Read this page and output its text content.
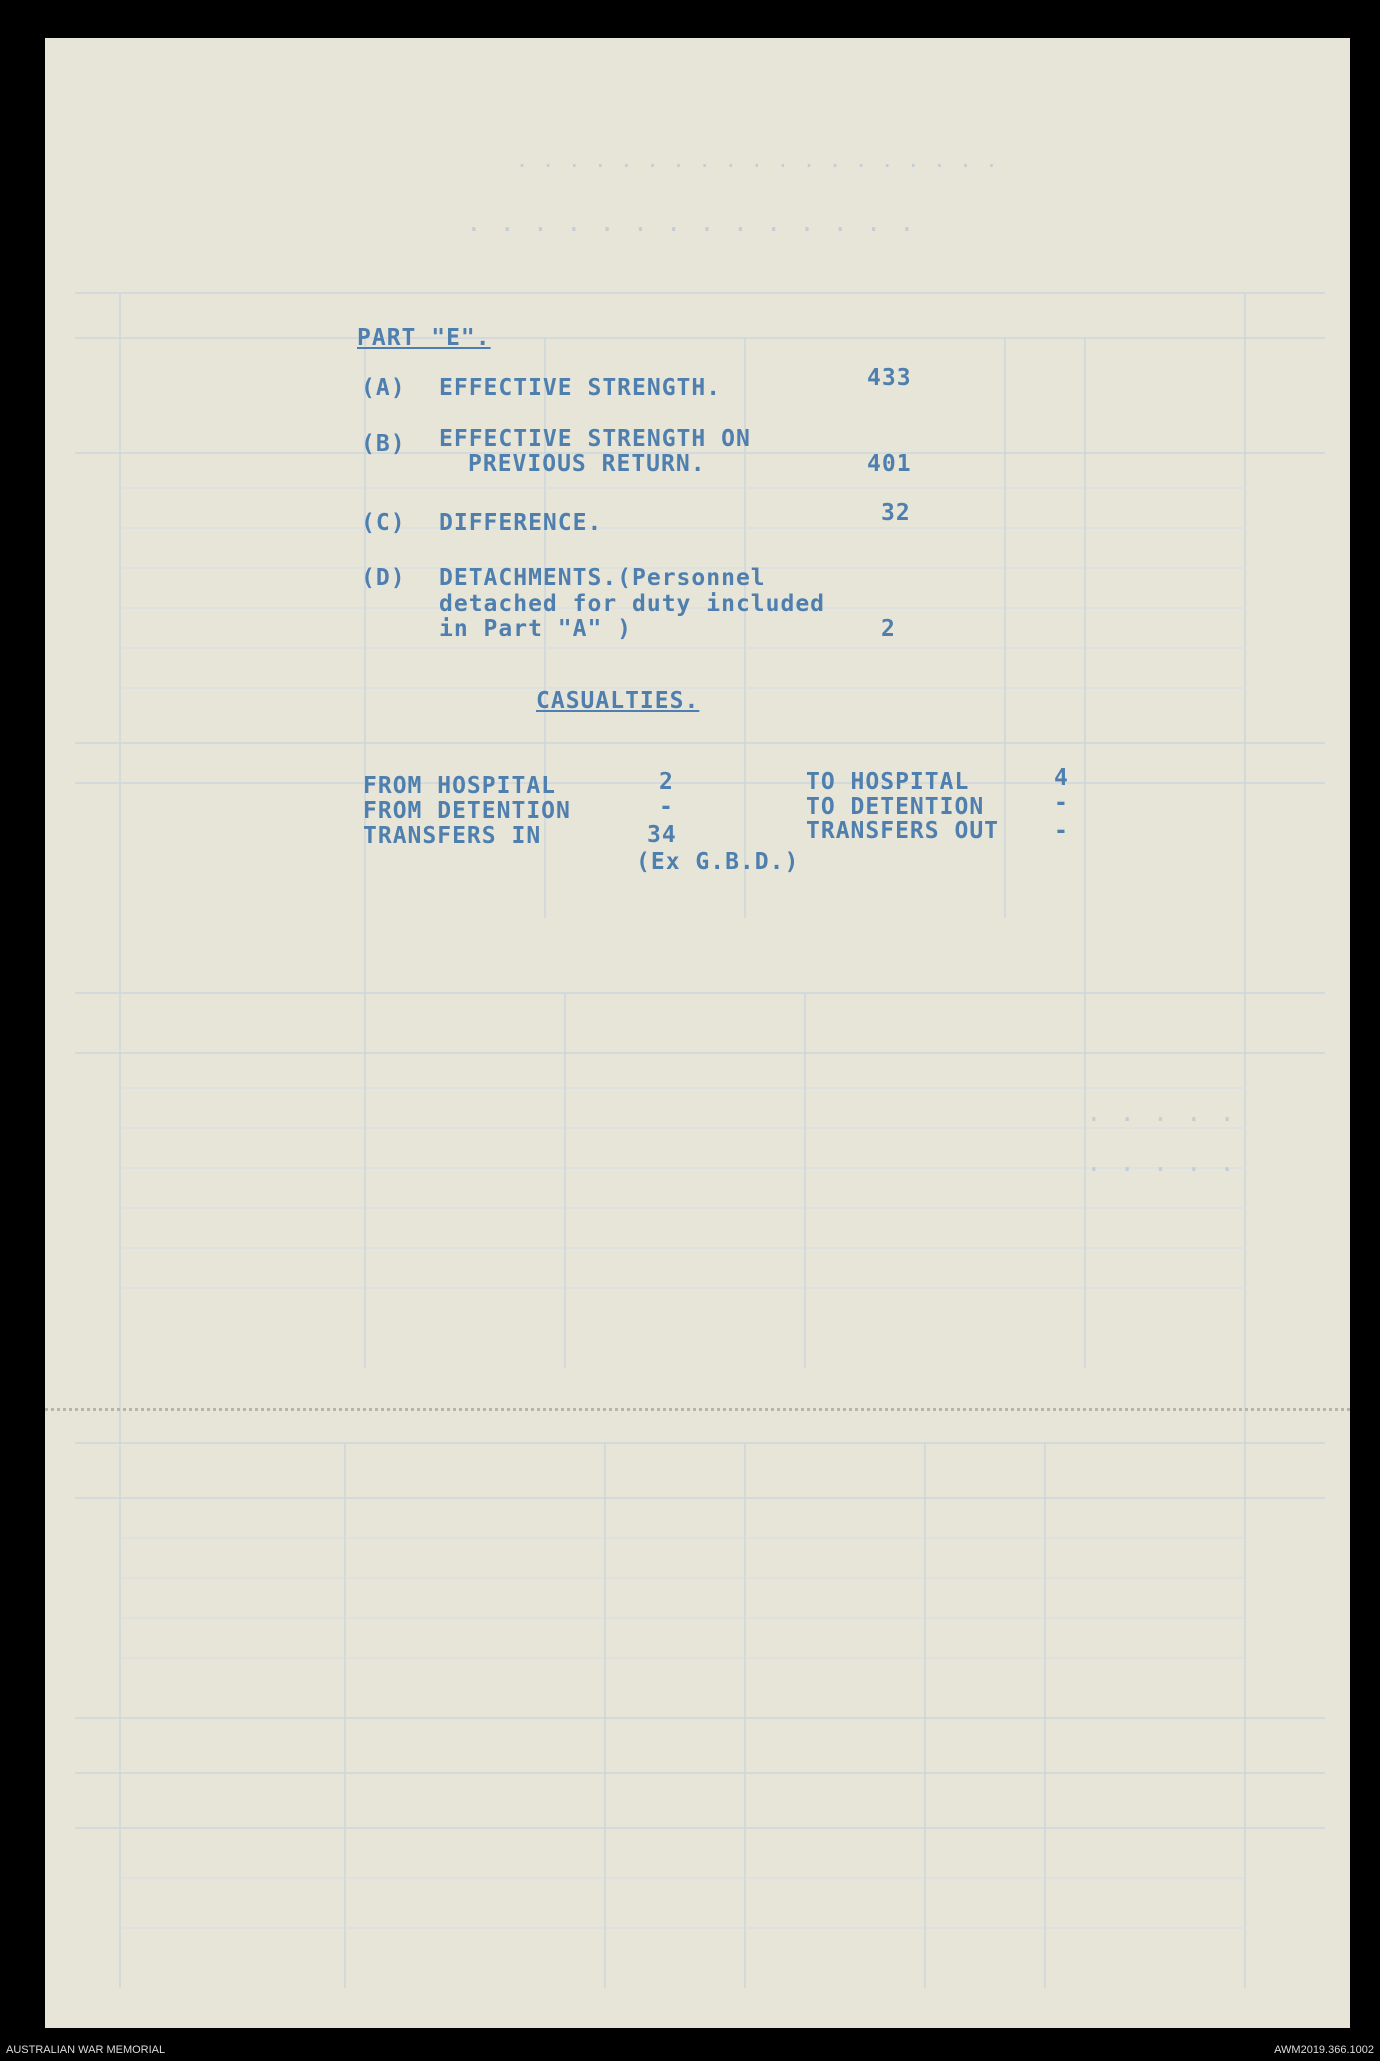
. . . . . . . . . . . . . . . . . . .
. . . . . . . . . . . . . .
. . . . .
. . . . .
PART "E".
(A) EFFECTIVE STRENGTH.	433
(B) EFFECTIVE STRENGTH ON
PREVIOUS RETURN.	401
(C) DIFFERENCE.	32
(D) DETACHMENTS.(Personnel
detached for duty included
in Part "A" )	2
CASUALTIES.
FROM HOSPITAL	2
FROM DETENTION	-
TRANSFERS IN	34
(Ex G.B.D.)
TO HOSPITAL	4
TO DETENTION	-
TRANSFERS OUT -
AUSTRALIAN WAR MEMORIAL	AWM2019.366.1002
